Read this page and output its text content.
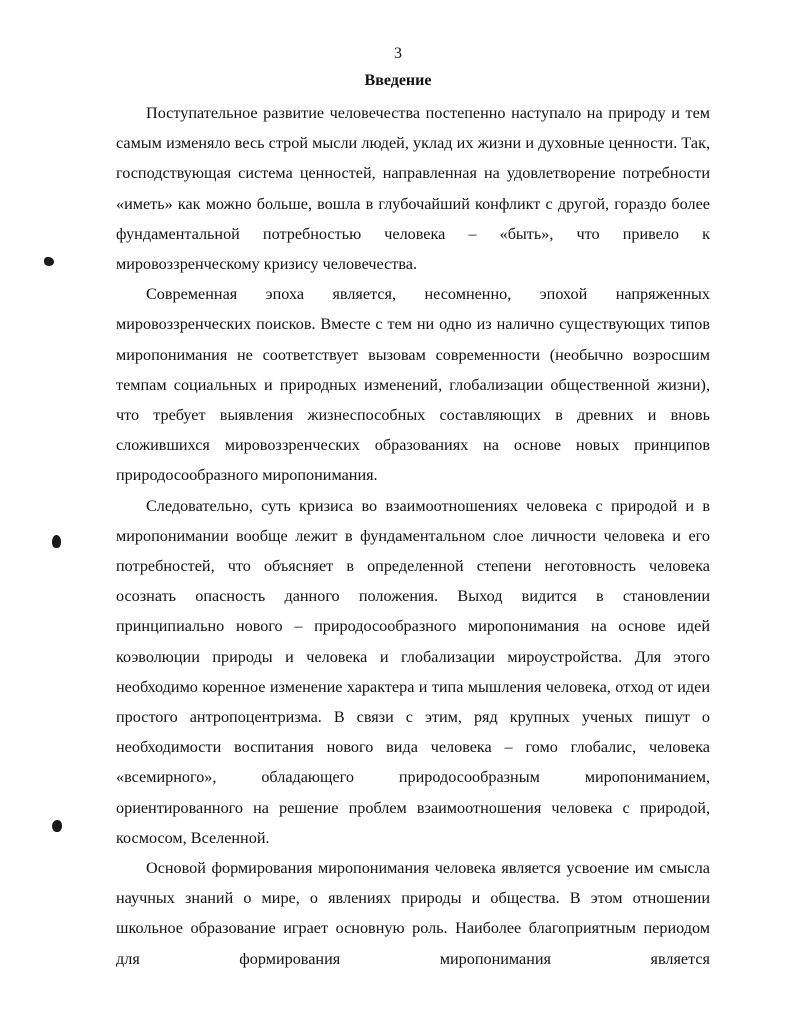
3
Введение

Поступательное развитие человечества постепенно наступало на природу и тем самым изменяло весь строй мысли людей, уклад их жизни и духовные ценности. Так, господствующая система ценностей, направленная на удовлетворение потребности «иметь» как можно больше, вошла в глубочайший конфликт с другой, гораздо более фундаментальной потребностью человека – «быть», что привело к мировоззренческому кризису человечества.

Современная эпоха является, несомненно, эпохой напряженных мировоззренческих поисков. Вместе с тем ни одно из налично существующих типов миропонимания не соответствует вызовам современности (необычно возросшим темпам социальных и природных изменений, глобализации общественной жизни), что требует выявления жизнеспособных составляющих в древних и вновь сложившихся мировоззренческих образованиях на основе новых принципов природосообразного миропонимания.

Следовательно, суть кризиса во взаимоотношениях человека с природой и в миропонимании вообще лежит в фундаментальном слое личности человека и его потребностей, что объясняет в определенной степени неготовность человека осознать опасность данного положения. Выход видится в становлении принципиально нового – природосообразного миропонимания на основе идей коэволюции природы и человека и глобализации мироустройства. Для этого необходимо коренное изменение характера и типа мышления человека, отход от идеи простого антропоцентризма. В связи с этим, ряд крупных ученых пишут о необходимости воспитания нового вида человека – гомо глобалис, человека «всемирного», обладающего природосообразным миропониманием, ориентированного на решение проблем взаимоотношения человека с природой, космосом, Вселенной.

Основой формирования миропонимания человека является усвоение им смысла научных знаний о мире, о явлениях природы и общества. В этом отношении школьное образование играет основную роль. Наиболее благоприятным периодом для формирования миропонимания является
